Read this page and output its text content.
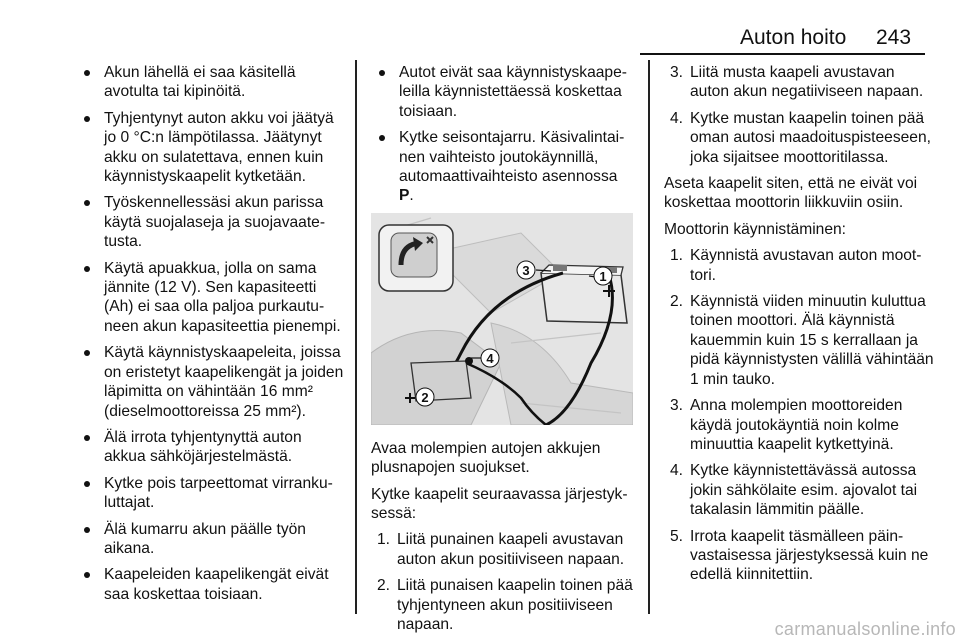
Auton hoito 243
Akun lähellä ei saa käsitellä avotulta tai kipinöitä.
Tyhjentynyt auton akku voi jäätyä jo 0 °C:n lämpötilassa. Jäätynyt akku on sulatettava, ennen kuin käynnistyskaapelit kytketään.
Työskennellessäsi akun parissa käytä suojalaseja ja suojavaatetusta.
Käytä apuakkua, jolla on sama jännite (12 V). Sen kapasiteetti (Ah) ei saa olla paljoa purkautuneen akun kapasiteettia pienempi.
Käytä käynnistyskaapeleita, joissa on eristetyt kaapelikengät ja joiden läpimitta on vähintään 16 mm² (dieselmoottoreissa 25 mm²).
Älä irrota tyhjentynyttä auton akkua sähköjärjestelmästä.
Kytke pois tarpeettomat virrankuluttajat.
Älä kumarru akun päälle työn aikana.
Kaapeleiden kaapelikengät eivät saa koskettaa toisiaan.
Autot eivät saa käynnistyskaapeleilla käynnistettäessä koskettaa toisiaan.
Kytke seisontajarru. Käsivalintainen vaihteisto joutokäynnillä, automaattivaihteisto asennossa
P.
3	1
4
2

Avaa molempien autojen akkujen plusnapojen suojukset.

Kytke kaapelit seuraavassa järjestyksessä:

1. Liitä punainen kaapeli avustavan auton akun positiiviseen napaan.
2. Liitä punaisen kaapelin toinen pää tyhjentyneen akun positiiviseen napaan.
3. Liitä musta kaapeli avustavan auton akun negatiiviseen napaan.
4. Kytke mustan kaapelin toinen pää oman autosi maadoituspisteeseen, joka sijaitsee moottoritilassa.

Aseta kaapelit siten, että ne eivät voi koskettaa moottorin liikkuviin osiin.

Moottorin käynnistäminen:

1. Käynnistä avustavan auton moottori.
2. Käynnistä viiden minuutin kuluttua toinen moottori. Älä käynnistä kauemmin kuin 15 s kerrallaan ja pidä käynnistysten välillä vähintään 1 min tauko.
3. Anna molempien moottoreiden käydä joutokäyntiä noin kolme minuuttia kaapelit kytkettyinä.
4. Kytke käynnistettävässä autossa jokin sähkölaite esim. ajovalot tai takalasin lämmitin päälle.
5. Irrota kaapelit täsmälleen päinvastaisessa järjestyksessä kuin ne edellä kiinnitettiin.
carmanualsonline.info
